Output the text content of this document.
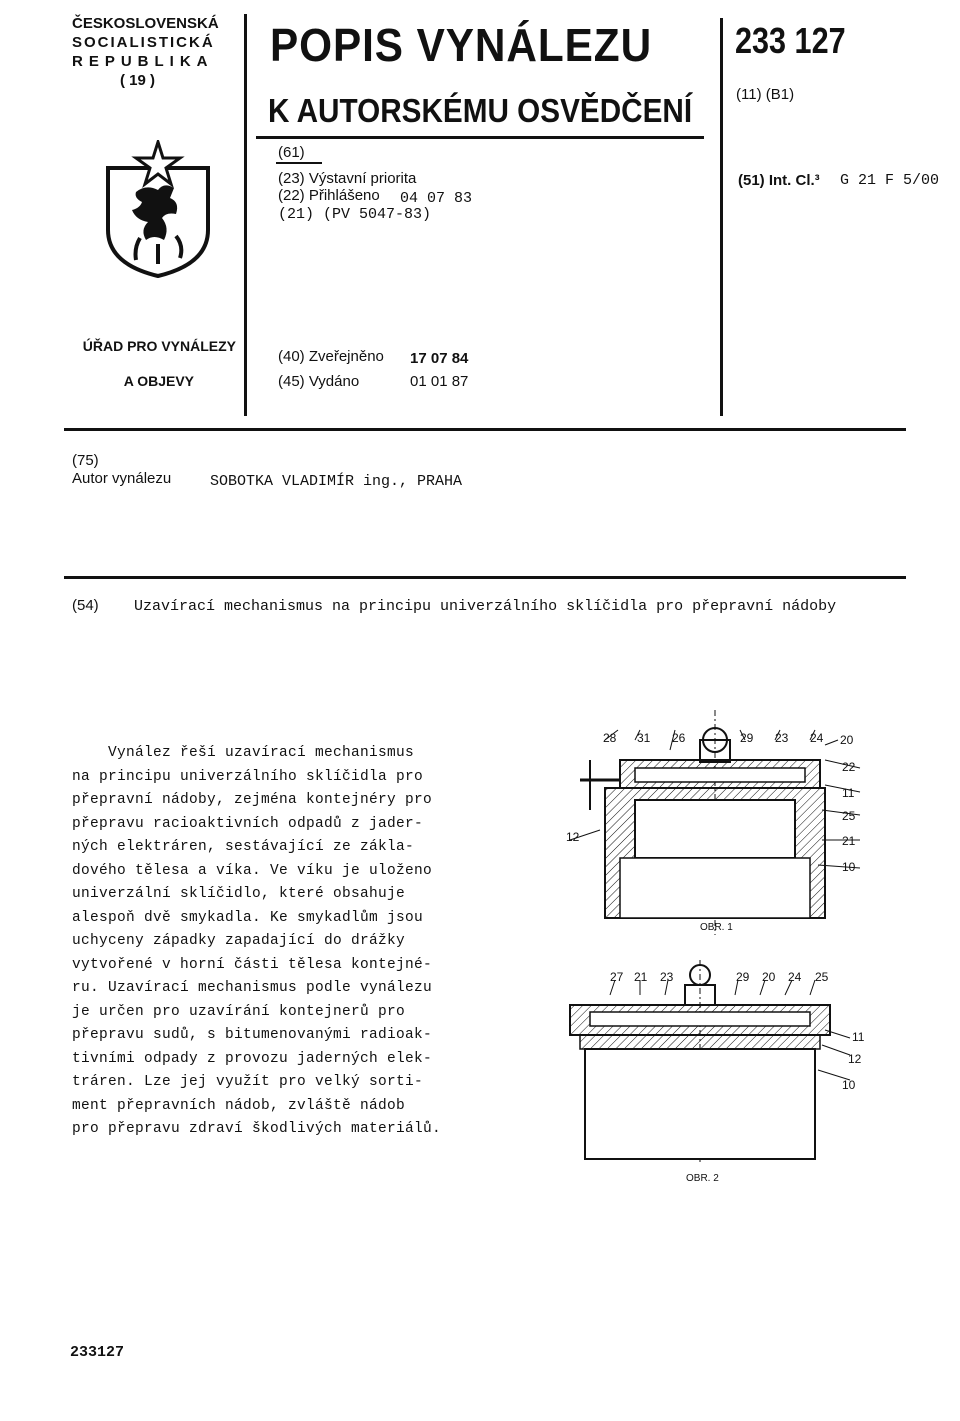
ČESKOSLOVENSKÁ
SOCIALISTICKÁ
REPUBLIKA
( 19 )
ÚŘAD PRO VYNÁLEZY
A OBJEVY
POPIS VYNÁLEZU
K AUTORSKÉMU OSVĚDČENÍ
233 127
(11) (B1)
(51) Int. Cl.³ G 21 F 5/00
(61)
(23) Výstavní priorita
(22) Přihlášeno 04 07 83
(21) (PV 5047-83)
(40) Zveřejněno 17 07 84
(45) Vydáno	01 01 87
(75)
Autor vynálezu	SOBOTKA VLADIMÍR ing., PRAHA
(54) Uzavírací mechanismus na principu univerzálního sklíčidla pro přepravní nádoby

Vynález řeší uzavírací mechanismus

na principu univerzálního sklíčidla pro

přepravní nádoby, zejména kontejnéry pro

přepravu racioaktivních odpadů z jader-

ných elektráren, sestávající ze zákla-

dového tělesa a víka. Ve víku je uloženo

univerzální sklíčidlo, které obsahuje

alespoň dvě smykadla. Ke smykadlům jsou

uchyceny západky zapadající do drážky

vytvořené v horní části tělesa kontejné-

ru. Uzavírací mechanismus podle vynálezu

je určen pro uzavírání kontejnerů pro

přepravu sudů, s bitumenovanými radioak-

tivními odpady z provozu jaderných elek-

tráren. Lze jej využít pro velký sorti-

ment přepravních nádob, zvláště nádob

pro přepravu zdraví škodlivých materiálů.

28 31 26	29 23 24 20
22
11
25
21
10
12
OBR. 1
27 21 23	29 20 24 25
11
12
10
OBR. 2
233127
